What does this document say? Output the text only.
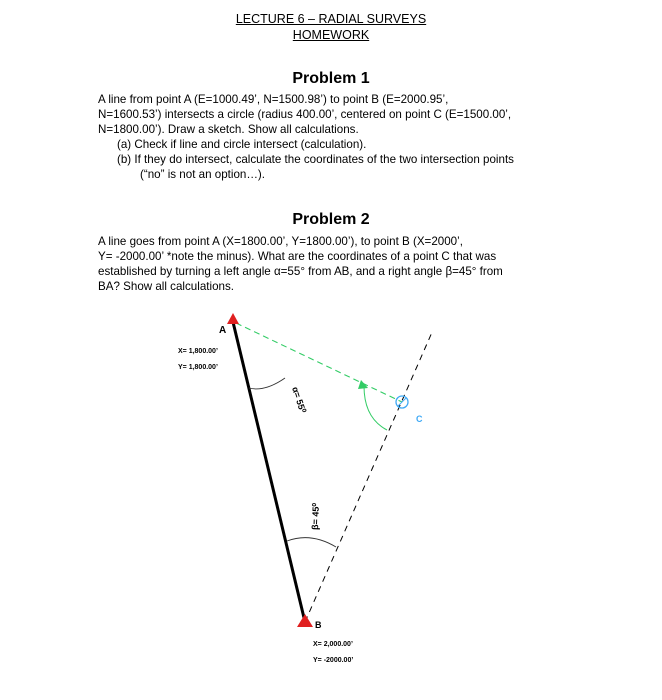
LECTURE 6 – RADIAL SURVEYS
HOMEWORK
Problem 1
A line from point A (E=1000.49’, N=1500.98’) to point B (E=2000.95’,
N=1600.53’) intersects a circle (radius 400.00’, centered on point C (E=1500.00’,
N=1800.00’). Draw a sketch. Show all calculations.
(a) Check if line and circle intersect (calculation).
(b) If they do intersect, calculate the coordinates of the two intersection points
(“no” is not an option…).
Problem 2
A line goes from point A (X=1800.00’, Y=1800.00’), to point B (X=2000’,
Y= -2000.00’ *note the minus). What are the coordinates of a point C that was
established by turning a left angle α=55° from AB, and a right angle β=45° from
BA? Show all calculations.
A
X= 1,800.00’
Y= 1,800.00’
B
X= 2,000.00’
Y= -2000.00’
C
α= 55⁰
β= 45⁰
